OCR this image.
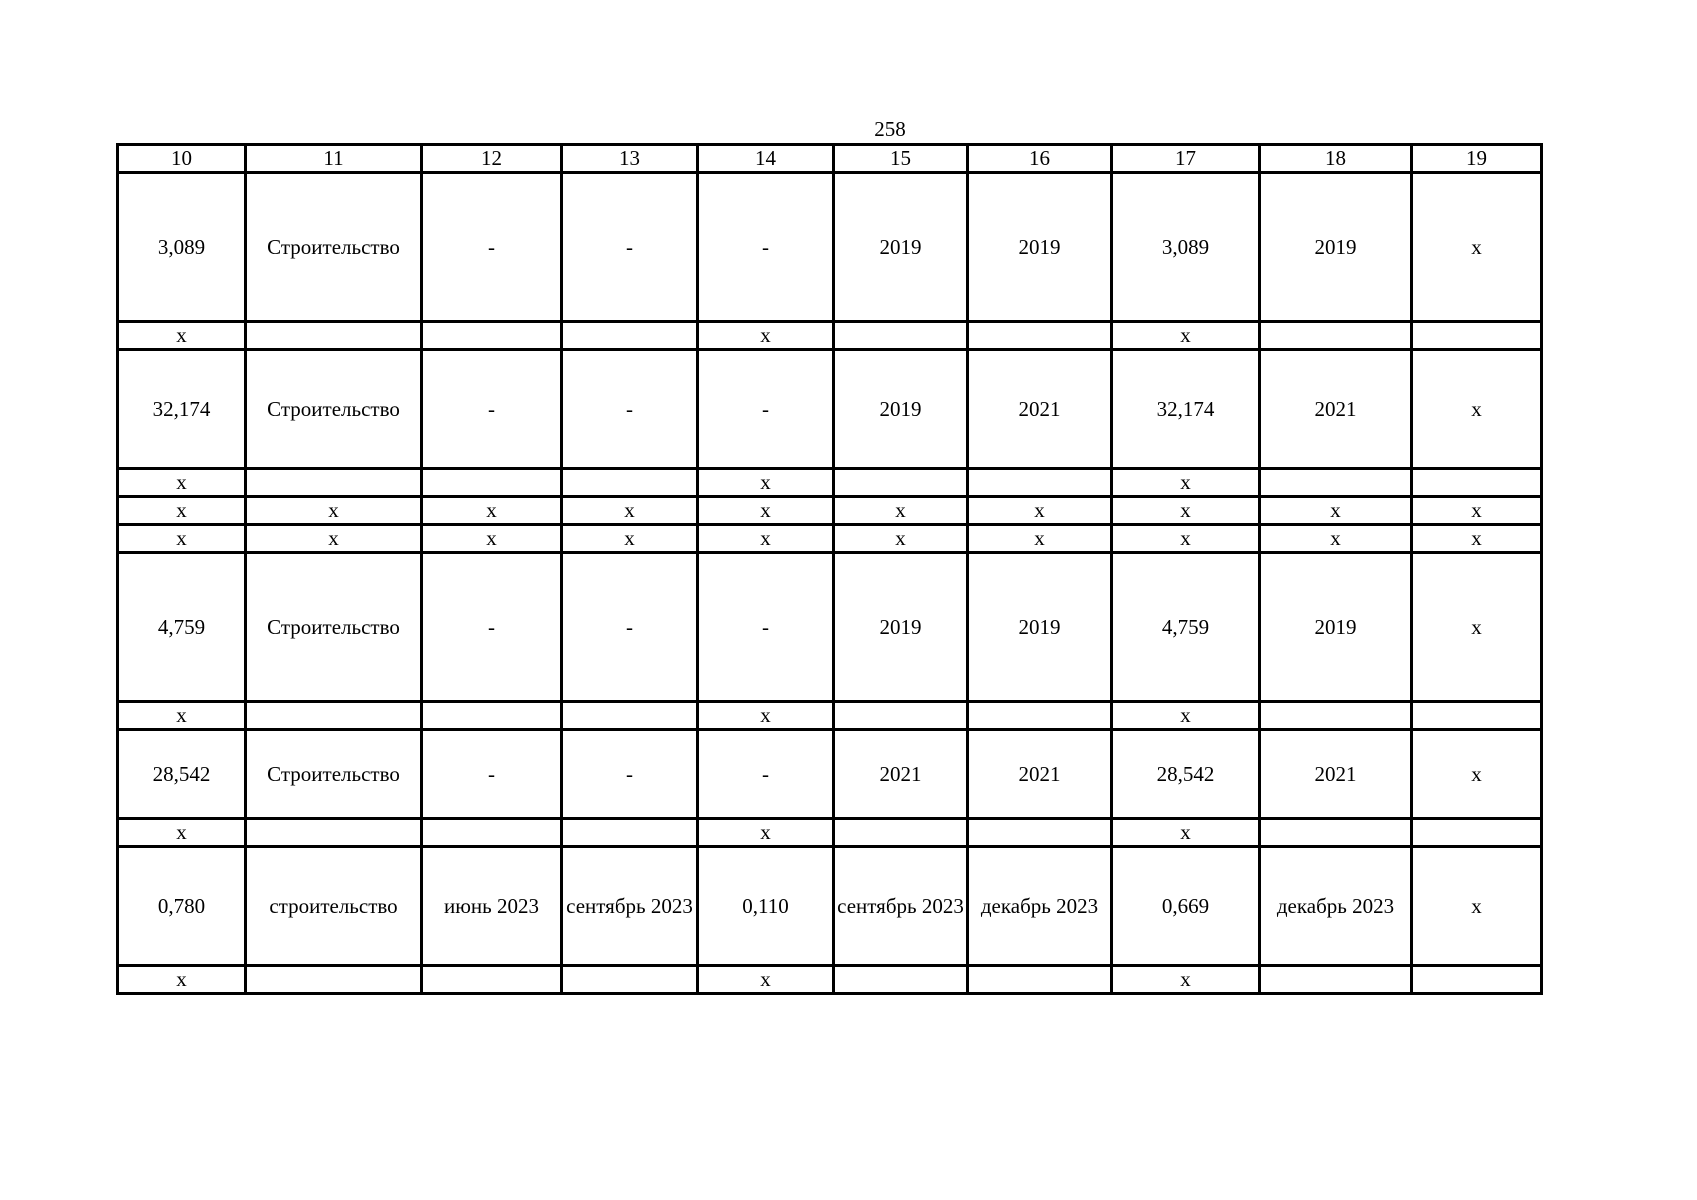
258
10	11	12	13	14	15	16	17	18	19
3,089	Строительство	-	-	-	2019	2019	3,089	2019	х
х				х			х		
32,174	Строительство	-	-	-	2019	2021	32,174	2021	х
х				х			х		
х	х	х	х	х	х	х	х	х	х
х	х	х	х	х	х	х	х	х	х
4,759	Строительство	-	-	-	2019	2019	4,759	2019	х
х				х			х		
28,542	Строительство	-	-	-	2021	2021	28,542	2021	х
х				х			х		
0,780	строительство	июнь 2023	сентябрь 2023	0,110	сентябрь 2023	декабрь 2023	0,669	декабрь 2023	х
х				х			х		
